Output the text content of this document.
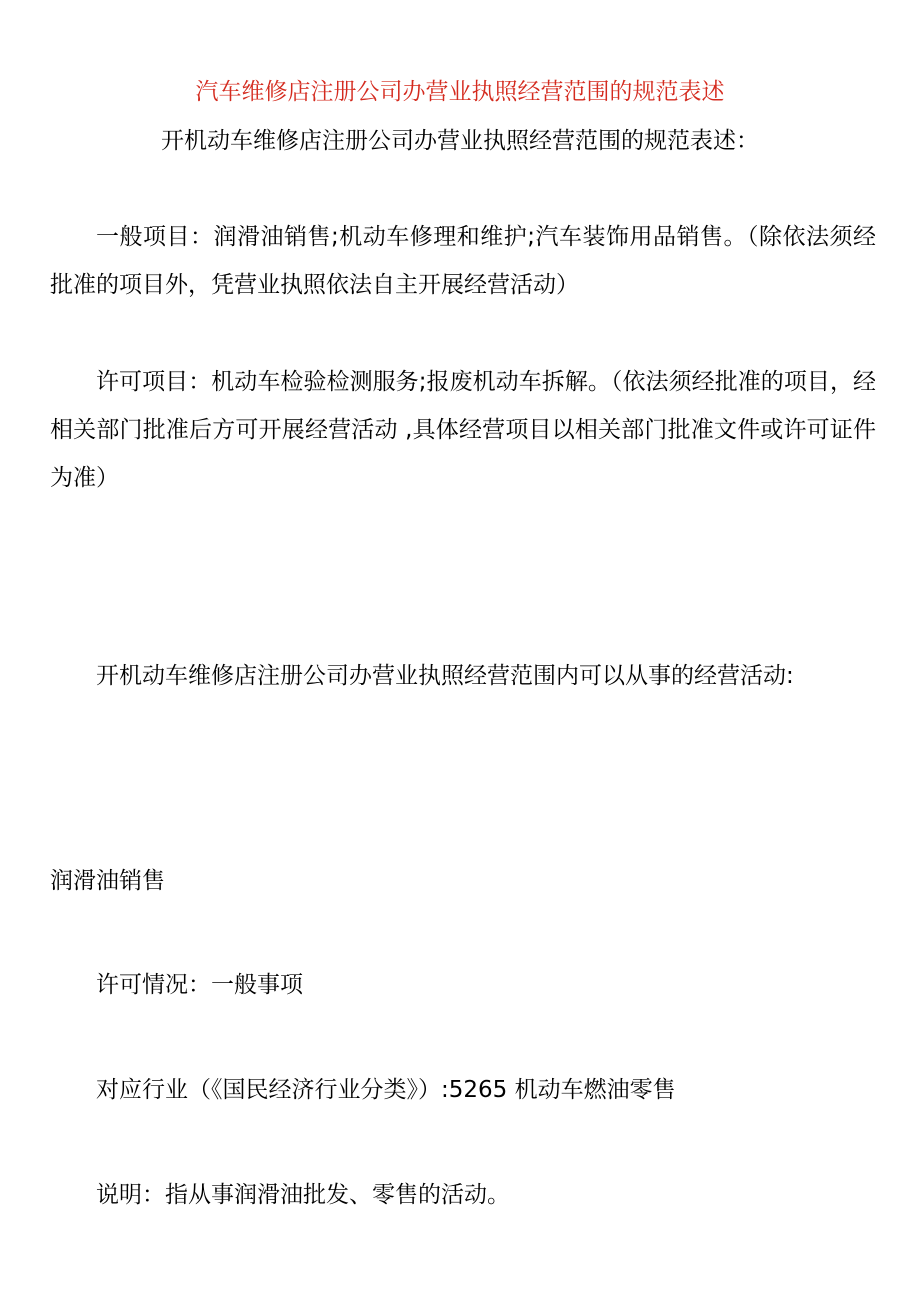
汽车维修店注册公司办营业执照经营范围的规范表述
开机动车维修店注册公司办营业执照经营范围的规范表述：
一般项目：润滑油销售;机动车修理和维护;汽车装饰用品销售。（除依法须经批准的项目外，凭营业执照依法自主开展经营活动）
许可项目：机动车检验检测服务;报废机动车拆解。（依法须经批准的项目，经相关部门批准后方可开展经营活动 ,具体经营项目以相关部门批准文件或许可证件为准）
开机动车维修店注册公司办营业执照经营范围内可以从事的经营活动:
润滑油销售
许可情况：一般事项
对应行业（《国民经济行业分类》）:5265 机动车燃油零售
说明：指从事润滑油批发、零售的活动。
